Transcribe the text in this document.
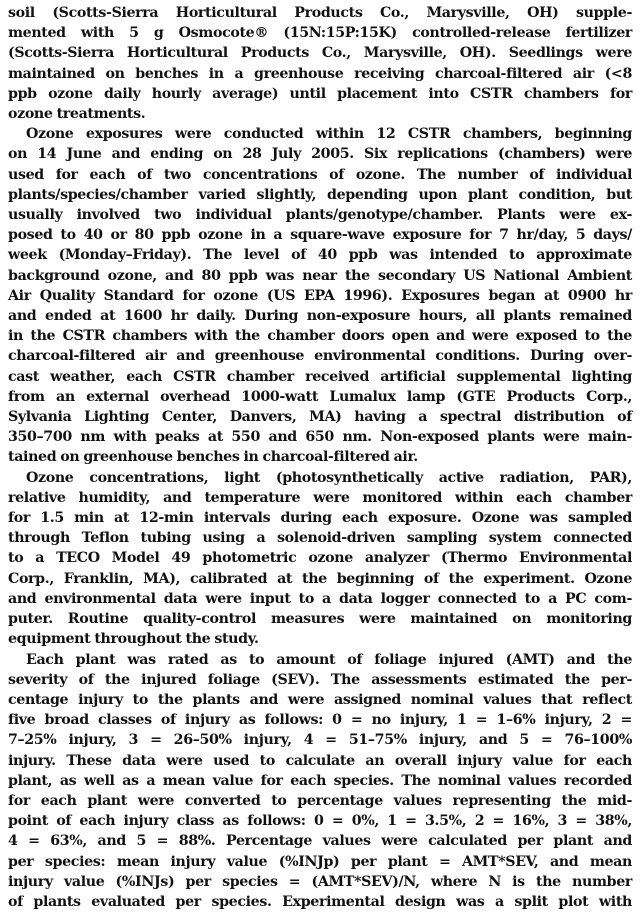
soil (Scotts-Sierra Horticultural Products Co., Marysville, OH) supple-
mented with 5 g Osmocote® (15N:15P:15K) controlled-release fertilizer
(Scotts-Sierra Horticultural Products Co., Marysville, OH). Seedlings were
maintained on benches in a greenhouse receiving charcoal-filtered air (<8
ppb ozone daily hourly average) until placement into CSTR chambers for
ozone treatments.

Ozone exposures were conducted within 12 CSTR chambers, beginning
on 14 June and ending on 28 July 2005. Six replications (chambers) were
used for each of two concentrations of ozone. The number of individual
plants/species/chamber varied slightly, depending upon plant condition, but
usually involved two individual plants/genotype/chamber. Plants were ex-
posed to 40 or 80 ppb ozone in a square-wave exposure for 7 hr/day, 5 days/
week (Monday–Friday). The level of 40 ppb was intended to approximate
background ozone, and 80 ppb was near the secondary US National Ambient
Air Quality Standard for ozone (US EPA 1996). Exposures began at 0900 hr
and ended at 1600 hr daily. During non-exposure hours, all plants remained
in the CSTR chambers with the chamber doors open and were exposed to the
charcoal-filtered air and greenhouse environmental conditions. During over-
cast weather, each CSTR chamber received artificial supplemental lighting
from an external overhead 1000-watt Lumalux lamp (GTE Products Corp.,
Sylvania Lighting Center, Danvers, MA) having a spectral distribution of
350–700 nm with peaks at 550 and 650 nm. Non-exposed plants were main-
tained on greenhouse benches in charcoal-filtered air.

Ozone concentrations, light (photosynthetically active radiation, PAR),
relative humidity, and temperature were monitored within each chamber
for 1.5 min at 12-min intervals during each exposure. Ozone was sampled
through Teflon tubing using a solenoid-driven sampling system connected
to a TECO Model 49 photometric ozone analyzer (Thermo Environmental
Corp., Franklin, MA), calibrated at the beginning of the experiment. Ozone
and environmental data were input to a data logger connected to a PC com-
puter. Routine quality-control measures were maintained on monitoring
equipment throughout the study.

Each plant was rated as to amount of foliage injured (AMT) and the
severity of the injured foliage (SEV). The assessments estimated the per-
centage injury to the plants and were assigned nominal values that reflect
five broad classes of injury as follows: 0 = no injury, 1 = 1–6% injury, 2 =
7–25% injury, 3 = 26–50% injury, 4 = 51–75% injury, and 5 = 76–100%
injury. These data were used to calculate an overall injury value for each
plant, as well as a mean value for each species. The nominal values recorded
for each plant were converted to percentage values representing the mid-
point of each injury class as follows: 0 = 0%, 1 = 3.5%, 2 = 16%, 3 = 38%,
4 = 63%, and 5 = 88%. Percentage values were calculated per plant and
per species: mean injury value (%INJp) per plant = AMT*SEV, and mean
injury value (%INJs) per species = (AMT*SEV)/N, where N is the number
of plants evaluated per species. Experimental design was a split plot with
